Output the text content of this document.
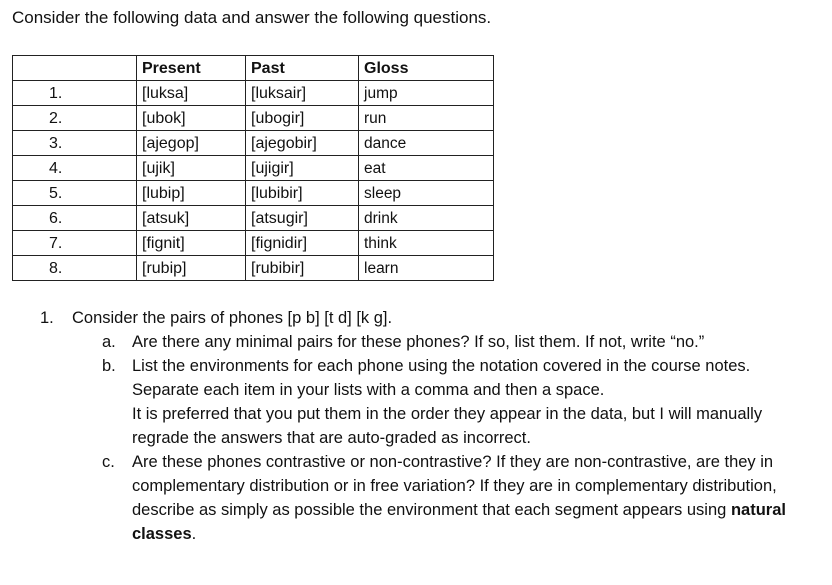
Consider the following data and answer the following questions.
	Present	Past	Gloss
1.	[luksa]	[luksair]	jump
2.	[ubok]	[ubogir]	run
3.	[ajegop]	[ajegobir]	dance
4.	[ujik]	[ujigir]	eat
5.	[lubip]	[lubibir]	sleep
6.	[atsuk]	[atsugir]	drink
7.	[fignit]	[fignidir]	think
8.	[rubip]	[rubibir]	learn
1.	Consider the pairs of phones [p b] [t d] [k g].
a. Are there any minimal pairs for these phones? If so, list them. If not, write “no.”

b. List the environments for each phone using the notation covered in the course notes.

Separate each item in your lists with a comma and then a space.

It is preferred that you put them in the order they appear in the data, but I will manually regrade the answers that are auto-graded as incorrect.

c.	Are these phones contrastive or non-contrastive? If they are non-contrastive, are they in complementary distribution or in free variation? If they are in complementary distribution, describe as simply as possible the environment that each segment appears using natural classes.
